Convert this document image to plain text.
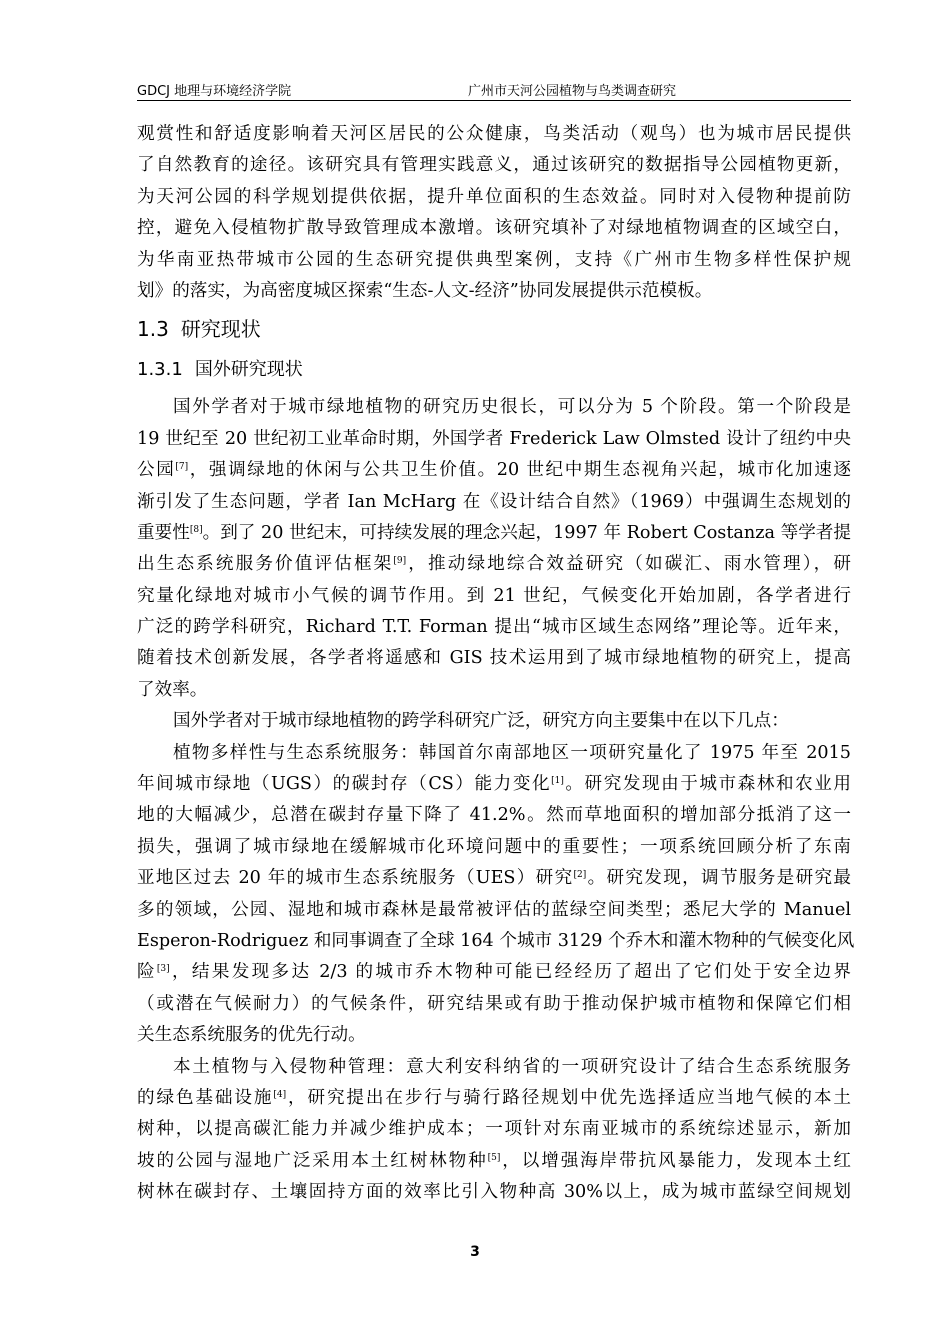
GDCJ 地理与环境经济学院	广州市天河公园植物与鸟类调查研究
观赏性和舒适度影响着天河区居民的公众健康，鸟类活动（观鸟）也为城市居民提供
了自然教育的途径。该研究具有管理实践意义，通过该研究的数据指导公园植物更新，
为天河公园的科学规划提供依据，提升单位面积的生态效益。同时对入侵物种提前防
控，避免入侵植物扩散导致管理成本激增。该研究填补了对绿地植物调查的区域空白，
为华南亚热带城市公园的生态研究提供典型案例，支持《广州市生物多样性保护规
划》的落实，为高密度城区探索“生态-人文-经济”协同发展提供示范模板。
1.3 研究现状
1.3.1 国外研究现状
国外学者对于城市绿地植物的研究历史很长，可以分为 5 个阶段。第一个阶段是
19 世纪至 20 世纪初工业革命时期，外国学者 Frederick Law Olmsted 设计了纽约中央
公园[7]，强调绿地的休闲与公共卫生价值。20 世纪中期生态视角兴起，城市化加速逐
渐引发了生态问题，学者 Ian McHarg 在《设计结合自然》（1969）中强调生态规划的
重要性[8]。到了 20 世纪末，可持续发展的理念兴起，1997 年 Robert Costanza 等学者提
出生态系统服务价值评估框架[9]，推动绿地综合效益研究（如碳汇、雨水管理），研
究量化绿地对城市小气候的调节作用。到 21 世纪，气候变化开始加剧，各学者进行
广泛的跨学科研究，Richard T.T. Forman 提出“城市区域生态网络”理论等。近年来，
随着技术创新发展，各学者将遥感和 GIS 技术运用到了城市绿地植物的研究上，提高
了效率。
国外学者对于城市绿地植物的跨学科研究广泛，研究方向主要集中在以下几点：
植物多样性与生态系统服务：韩国首尔南部地区一项研究量化了 1975 年至 2015
年间城市绿地（UGS）的碳封存（CS）能力变化[1]。研究发现由于城市森林和农业用
地的大幅减少，总潜在碳封存量下降了 41.2%。然而草地面积的增加部分抵消了这一
损失，强调了城市绿地在缓解城市化环境问题中的重要性；一项系统回顾分析了东南
亚地区过去 20 年的城市生态系统服务（UES）研究[2]。研究发现，调节服务是研究最
多的领域，公园、湿地和城市森林是最常被评估的蓝绿空间类型；悉尼大学的 Manuel
Esperon-Rodriguez 和同事调查了全球 164 个城市 3129 个乔木和灌木物种的气候变化风
险[3]，结果发现多达 2/3 的城市乔木物种可能已经经历了超出了它们处于安全边界
（或潜在气候耐力）的气候条件，研究结果或有助于推动保护城市植物和保障它们相
关生态系统服务的优先行动。
本土植物与入侵物种管理：意大利安科纳省的一项研究设计了结合生态系统服务
的绿色基础设施[4]，研究提出在步行与骑行路径规划中优先选择适应当地气候的本土
树种，以提高碳汇能力并减少维护成本；一项针对东南亚城市的系统综述显示，新加
坡的公园与湿地广泛采用本土红树林物种[5]，以增强海岸带抗风暴能力，发现本土红
树林在碳封存、土壤固持方面的效率比引入物种高 30%以上，成为城市蓝绿空间规划
3
